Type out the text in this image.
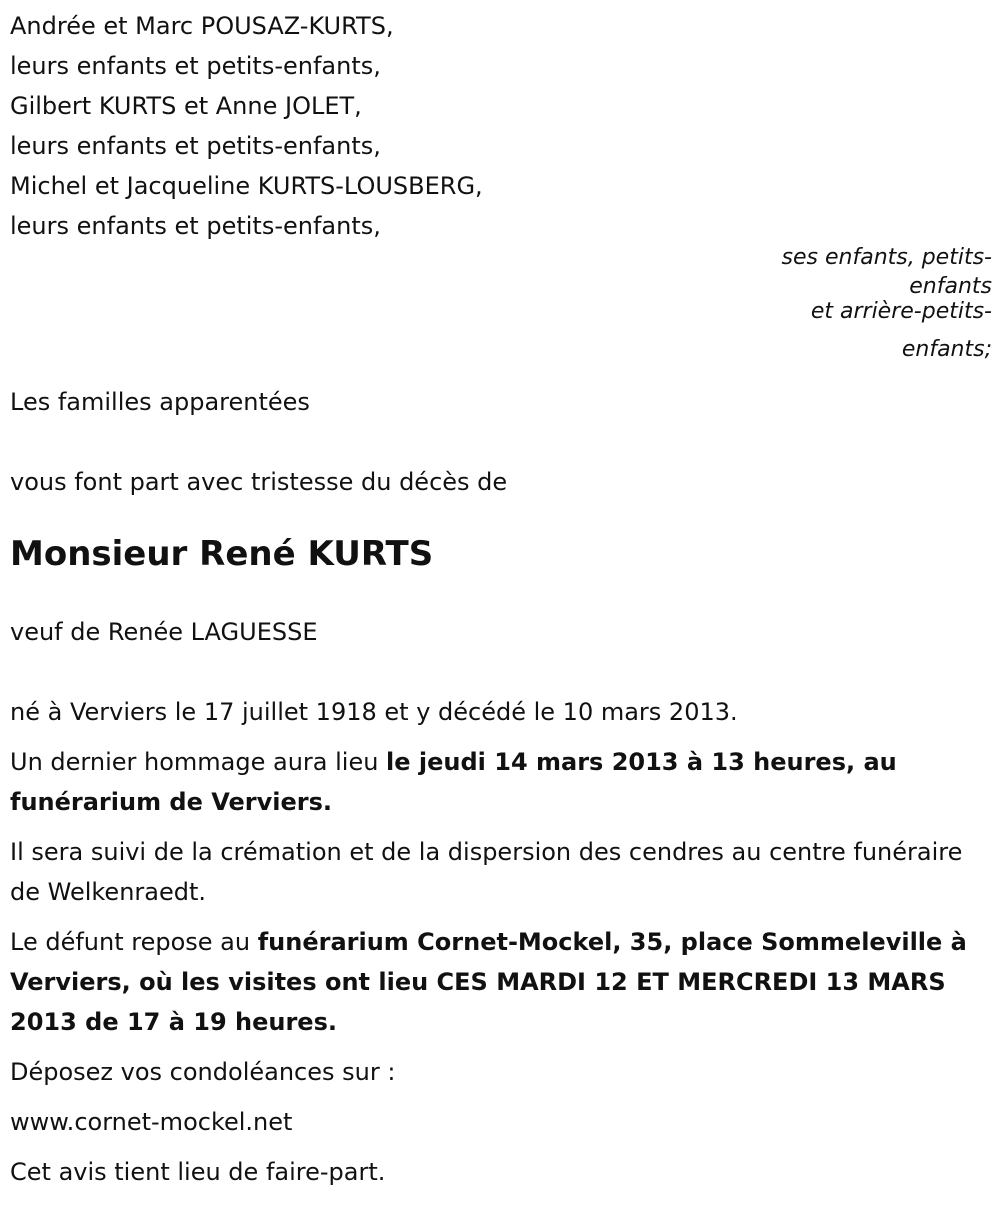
Andrée et Marc POUSAZ-KURTS,

leurs enfants et petits-enfants,

Gilbert KURTS et Anne JOLET,

leurs enfants et petits-enfants,

Michel et Jacqueline KURTS-LOUSBERG,

leurs enfants et petits-enfants,

ses enfants, petits-

enfants

et arrière-petits-

enfants;

Les familles apparentées

vous font part avec tristesse du décès de

Monsieur René KURTS

veuf de Renée LAGUESSE

né à Verviers le 17 juillet 1918 et y décédé le 10 mars 2013.

Un dernier hommage aura lieu le jeudi 14 mars 2013 à 13 heures, au funérarium de Verviers.

Il sera suivi de la crémation et de la dispersion des cendres au centre funéraire de Welkenraedt.

Le défunt repose au funérarium Cornet-Mockel, 35, place Sommeleville à Verviers, où les visites ont lieu CES MARDI 12 ET MERCREDI 13 MARS 2013 de 17 à 19 heures.

Déposez vos condoléances sur :

www.cornet-mockel.net

Cet avis tient lieu de faire-part.
